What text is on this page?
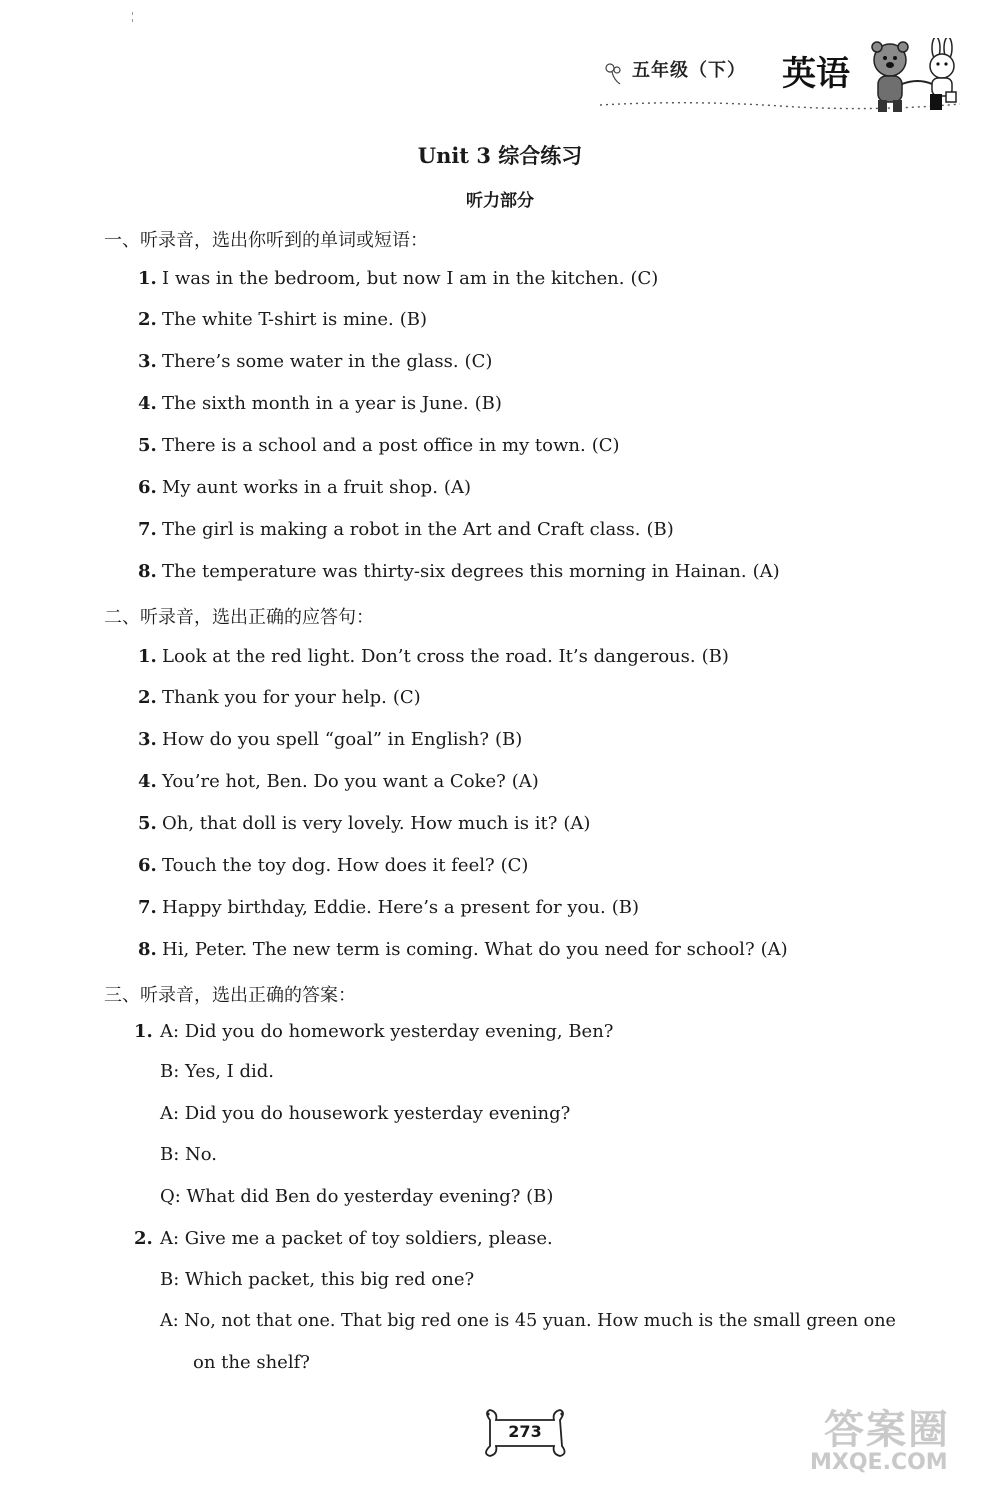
五年级（下） 英语
Unit 3 综合练习
听力部分
一、听录音，选出你听到的单词或短语：
1. I was in the bedroom, but now I am in the kitchen. (C)
2. The white T-shirt is mine. (B)
3. There’s some water in the glass. (C)
4. The sixth month in a year is June. (B)
5. There is a school and a post office in my town. (C)
6. My aunt works in a fruit shop. (A)
7. The girl is making a robot in the Art and Craft class. (B)
8. The temperature was thirty-six degrees this morning in Hainan. (A)
二、听录音，选出正确的应答句：
1. Look at the red light. Don’t cross the road. It’s dangerous. (B)
2. Thank you for your help. (C)
3. How do you spell “goal” in English? (B)
4. You’re hot, Ben. Do you want a Coke? (A)
5. Oh, that doll is very lovely. How much is it? (A)
6. Touch the toy dog. How does it feel? (C)
7. Happy birthday, Eddie. Here’s a present for you. (B)
8. Hi, Peter. The new term is coming. What do you need for school? (A)
三、听录音，选出正确的答案：
1. A: Did you do homework yesterday evening, Ben?
B: Yes, I did.
A: Did you do housework yesterday evening?
B: No.
Q: What did Ben do yesterday evening? (B)
2. A: Give me a packet of toy soldiers, please.
B: Which packet, this big red one?
A: No, not that one. That big red one is 45 yuan. How much is the small green one
on the shelf?
273	答案圈
MXQE.COM
